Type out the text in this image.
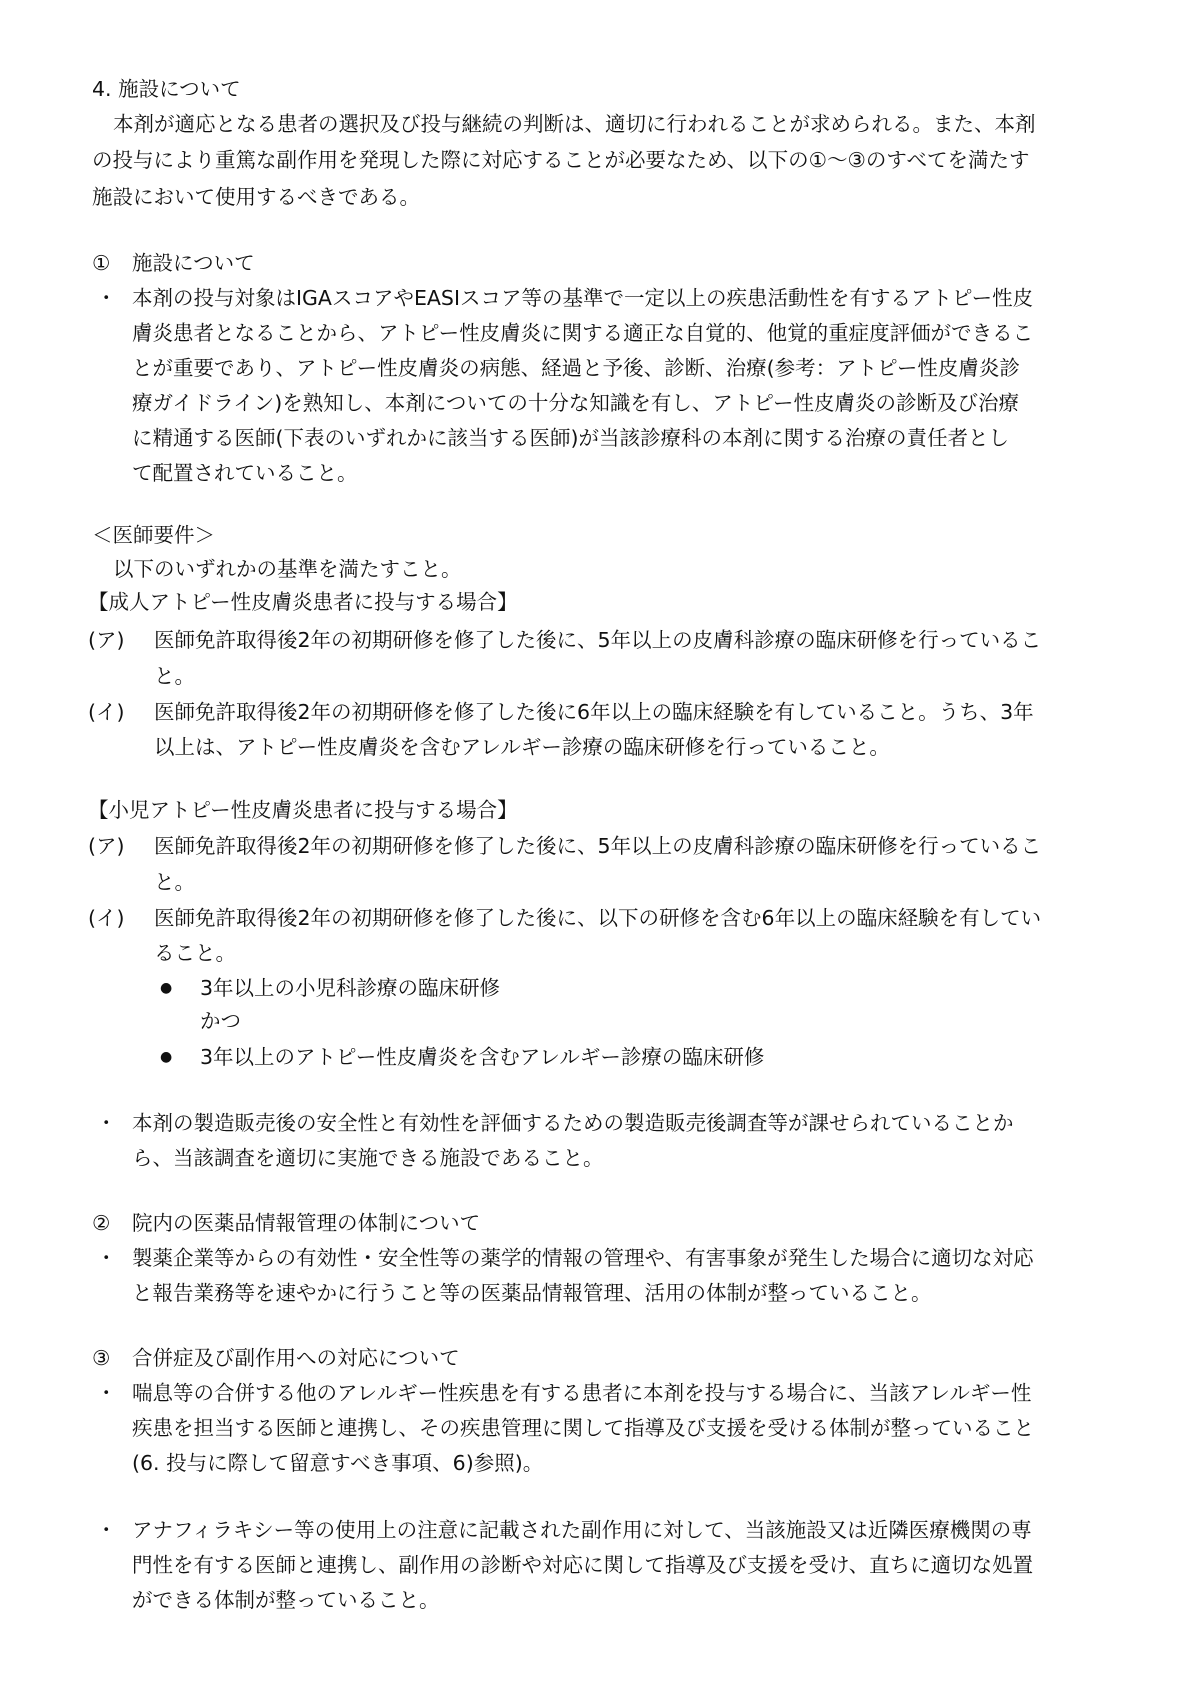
4. 施設について
本剤が適応となる患者の選択及び投与継続の判断は、適切に行われることが求められる。また、本剤
の投与により重篤な副作用を発現した際に対応することが必要なため、以下の①～③のすべてを満たす
施設において使用するべきである。
① 施設について
・ 本剤の投与対象はIGAスコアやEASIスコア等の基準で一定以上の疾患活動性を有するアトピー性皮
膚炎患者となることから、アトピー性皮膚炎に関する適正な自覚的、他覚的重症度評価ができるこ
とが重要であり、アトピー性皮膚炎の病態、経過と予後、診断、治療(参考：アトピー性皮膚炎診
療ガイドライン)を熟知し、本剤についての十分な知識を有し、アトピー性皮膚炎の診断及び治療
に精通する医師(下表のいずれかに該当する医師)が当該診療科の本剤に関する治療の責任者とし
て配置されていること。
＜医師要件＞
以下のいずれかの基準を満たすこと。
【成人アトピー性皮膚炎患者に投与する場合】
(ア) 医師免許取得後2年の初期研修を修了した後に、5年以上の皮膚科診療の臨床研修を行っているこ
と。
(イ) 医師免許取得後2年の初期研修を修了した後に6年以上の臨床経験を有していること。うち、3年
以上は、アトピー性皮膚炎を含むアレルギー診療の臨床研修を行っていること。
【小児アトピー性皮膚炎患者に投与する場合】
(ア) 医師免許取得後2年の初期研修を修了した後に、5年以上の皮膚科診療の臨床研修を行っているこ
と。
(イ) 医師免許取得後2年の初期研修を修了した後に、以下の研修を含む6年以上の臨床経験を有してい
ること。
● 3年以上の小児科診療の臨床研修
かつ
● 3年以上のアトピー性皮膚炎を含むアレルギー診療の臨床研修
・ 本剤の製造販売後の安全性と有効性を評価するための製造販売後調査等が課せられていることか
ら、当該調査を適切に実施できる施設であること。
② 院内の医薬品情報管理の体制について
・ 製薬企業等からの有効性・安全性等の薬学的情報の管理や、有害事象が発生した場合に適切な対応
と報告業務等を速やかに行うこと等の医薬品情報管理、活用の体制が整っていること。
③ 合併症及び副作用への対応について
・ 喘息等の合併する他のアレルギー性疾患を有する患者に本剤を投与する場合に、当該アレルギー性
疾患を担当する医師と連携し、その疾患管理に関して指導及び支援を受ける体制が整っていること
(6. 投与に際して留意すべき事項、6)参照)。
・ アナフィラキシー等の使用上の注意に記載された副作用に対して、当該施設又は近隣医療機関の専
門性を有する医師と連携し、副作用の診断や対応に関して指導及び支援を受け、直ちに適切な処置
ができる体制が整っていること。
